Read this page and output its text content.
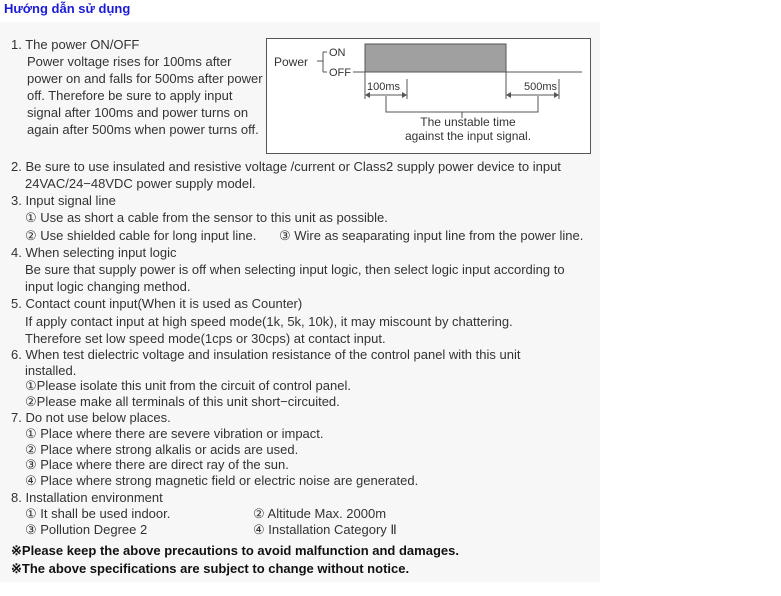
Hướng dẫn sử dụng
1. The power ON/OFF
Power voltage rises for 100ms after power on and falls for 500ms after power off. Therefore be sure to apply input signal after 100ms and power turns on again after 500ms when power turns off.
Power
ON
OFF
100ms	500ms
The unstable time
against the input signal.
2. Be sure to use insulated and resistive voltage /current or Class2 supply power device to input
24VAC/24−48VDC power supply model.
3. Input signal line
① Use as short a cable from the sensor to this unit as possible.
② Use shielded cable for long input line. ③ Wire as seaparating input line from the power line.
4. When selecting input logic
Be sure that supply power is off when selecting input logic, then select logic input according to
input logic changing method.
5. Contact count input(When it is used as Counter)
If apply contact input at high speed mode(1k, 5k, 10k), it may miscount by chattering.
Therefore set low speed mode(1cps or 30cps) at contact input.
6. When test dielectric voltage and insulation resistance of the control panel with this unit
installed.
①Please isolate this unit from the circuit of control panel.
②Please make all terminals of this unit short−circuited.
7. Do not use below places.
① Place where there are severe vibration or impact.
② Place where strong alkalis or acids are used.
③ Place where there are direct ray of the sun.
④ Place where strong magnetic field or electric noise are generated.
8. Installation environment
① It shall be used indoor.	② Altitude Max. 2000m
③ Pollution Degree 2	④ Installation Category Ⅱ
※Please keep the above precautions to avoid malfunction and damages.
※The above specifications are subject to change without notice.
